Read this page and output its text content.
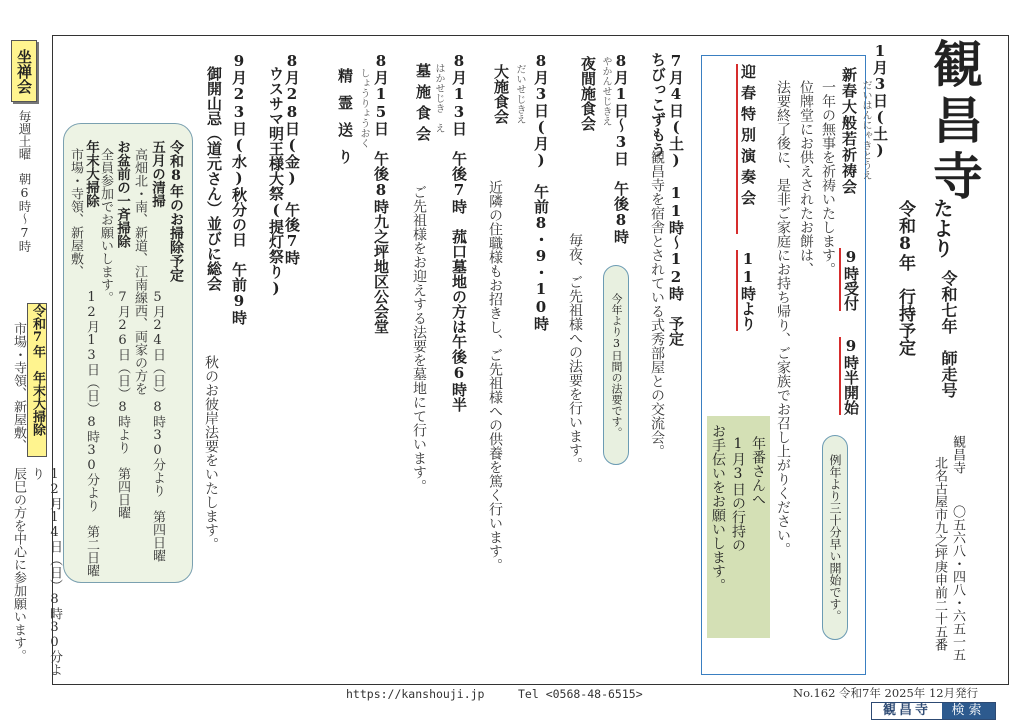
坐禅会
毎週土曜　朝6時〜7時
令和7年　年末大掃除
市場・寺領、新屋敷、
12月14日（日）8時30分より
辰巳の方を中心に参加願います。
観昌寺
たより
令和七年　師走号
令和8年　行持予定
観昌寺
〇五六八・四八・六五一五
北名古屋市九之坪庚申前二十五番
1月3日(土)
だいはんにゃきとうえ
新春大般若祈祷会
9時受付
9時半開始
一年の無事を祈祷いたします。
位牌堂にお供えされたお餅は、
法要終了後に、是非ご家庭にお持ち帰り、ご家族でお召し上がりください。	例年より三十分早い開始です。
迎春特別演奏会
11時より
年番さんへ
1月3日の行持の
お手伝いをお願いします。
7月4日(土)　11時〜12時　予定
ちびっこずもう
観昌寺を宿舎とされている式秀部屋との交流会。
8月1日〜3日　午後8時
やかんせじきえ
夜間施食会
今年より3日間の法要です。
毎夜、ご先祖様への法要を行います。
8月3日(月)　午前8・9・10時
だいせじきえ
大施食会
近隣の住職様もお招きし、ご先祖様への供養を篤く行います。
8月13日　午後7時　菰口墓地の方は午後6時半
はかせじき　え
墓施食会
ご先祖様をお迎えする法要を墓地にて行います。
8月15日　午後8時九之坪地区公会堂
しょうりょうおく
精霊送り
8月28日(金)　午後7時
ウスサマ明王様大祭(提灯祭り)
9月23日(水)秋分の日　午前9時
御開山忌（道元さん）並びに総会
秋のお彼岸法要をいたします。
令和8年のお掃除予定
五月の清掃
5月24日（日）8時30分より　第四日曜
高畑北・南、新道、江南線西、両家の方を
お盆前の一斉掃除
7月26日（日）8時より　第四日曜
全員参加でお願いします。
年末大掃除
12月13日（日）8時30分より　第二日曜
市場・寺領、新屋敷、
https://kanshouji.jp	Tel <0568-48-6515>	No.162 令和7年 2025年 12月発行
観昌寺	検索
